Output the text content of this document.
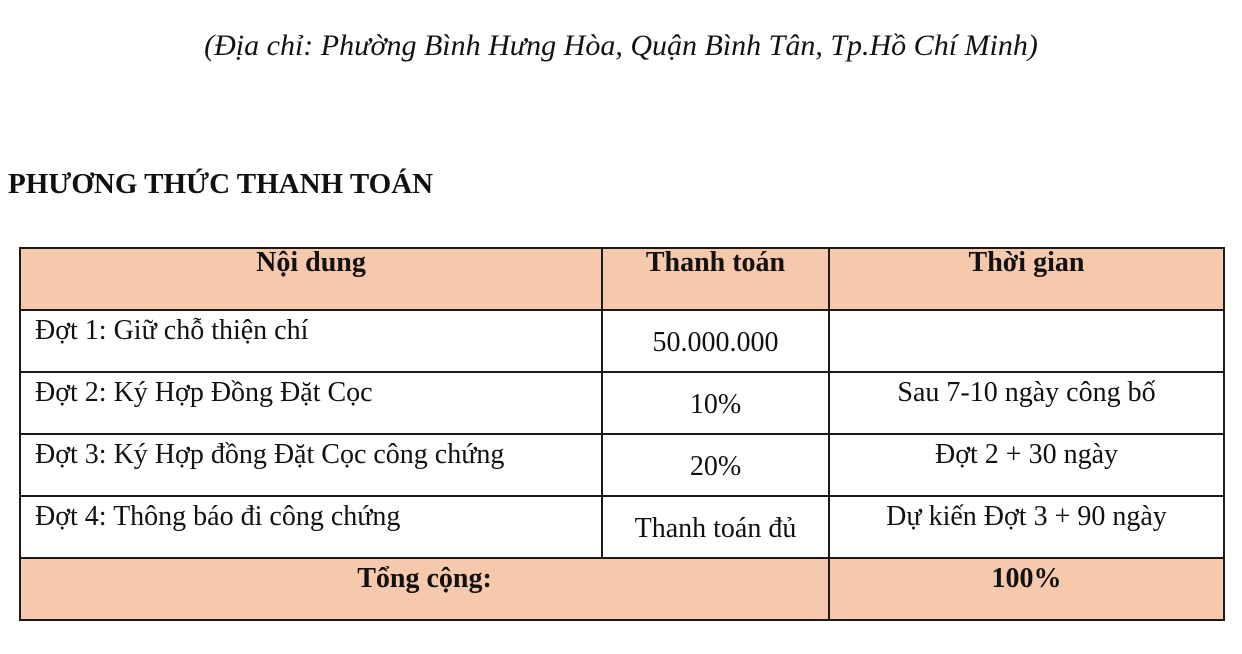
(Địa chỉ: Phường Bình Hưng Hòa, Quận Bình Tân, Tp.Hồ Chí Minh)
PHƯƠNG THỨC THANH TOÁN
Nội dung	Thanh toán	Thời gian
Đợt 1: Giữ chỗ thiện chí	50.000.000	
Đợt 2: Ký Hợp Đồng Đặt Cọc	10%	Sau 7-10 ngày công bố
Đợt 3: Ký Hợp đồng Đặt Cọc công chứng	20%	Đợt 2 + 30 ngày
Đợt 4: Thông báo đi công chứng	Thanh toán đủ	Dự kiến Đợt 3 + 90 ngày
Tổng cộng:		100%
